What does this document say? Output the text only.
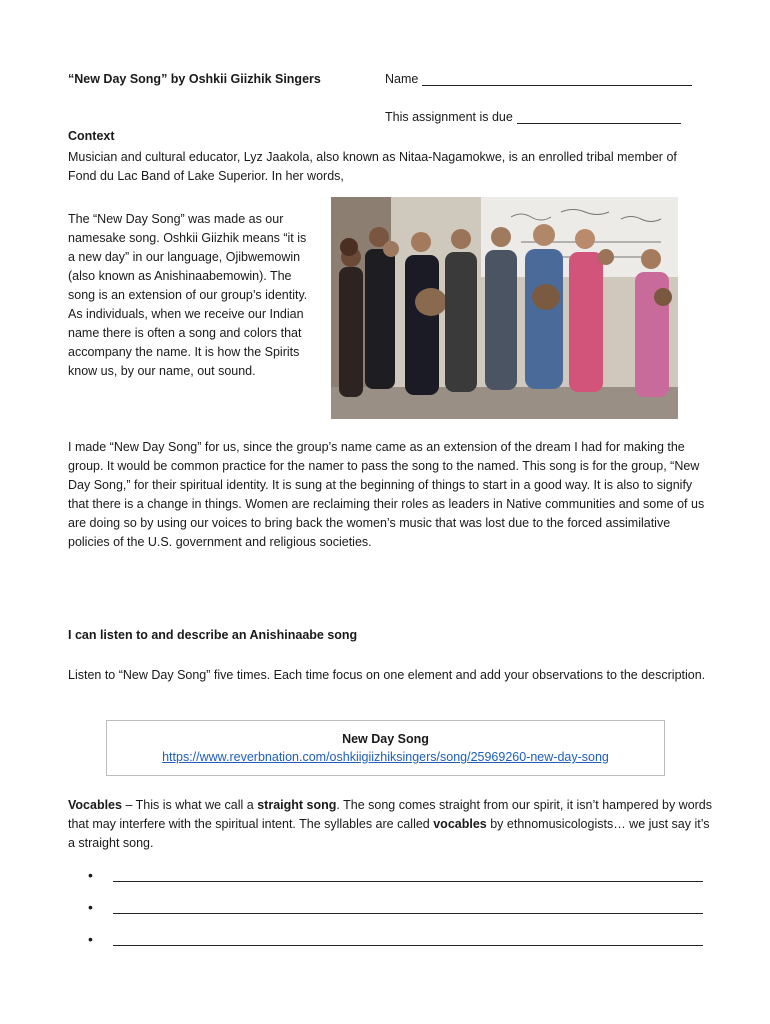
“New Day Song” by Oshkii Giizhik Singers	Name
This assignment is due
Context
Musician and cultural educator, Lyz Jaakola, also known as Nitaa-Nagamokwe, is an enrolled tribal member of Fond du Lac Band of Lake Superior. In her words,
The “New Day Song” was made as our namesake song. Oshkii Giizhik means “it is a new day” in our language, Ojibwemowin (also known as Anishinaabemowin). The song is an extension of our group’s identity. As individuals, when we receive our Indian name there is often a song and colors that accompany the name. It is how the Spirits know us, by our name, out sound.
I made “New Day Song” for us, since the group’s name came as an extension of the dream I had for making the group. It would be common practice for the namer to pass the song to the named. This song is for the group, “New Day Song,” for their spiritual identity. It is sung at the beginning of things to start in a good way. It is also to signify that there is a change in things. Women are reclaiming their roles as leaders in Native communities and some of us are doing so by using our voices to bring back the women’s music that was lost due to the forced assimilative policies of the U.S. government and religious societies.
I can listen to and describe an Anishinaabe song
Listen to “New Day Song” five times. Each time focus on one element and add your observations to the description.
New Day Song
https://www.reverbnation.com/oshkiigiizhiksingers/song/25969260-new-day-song
Vocables – This is what we call a straight song. The song comes straight from our spirit, it isn’t hampered by words that may interfere with the spiritual intent. The syllables are called vocables by ethnomusicologists… we just say it’s a straight song.
•
•
•
